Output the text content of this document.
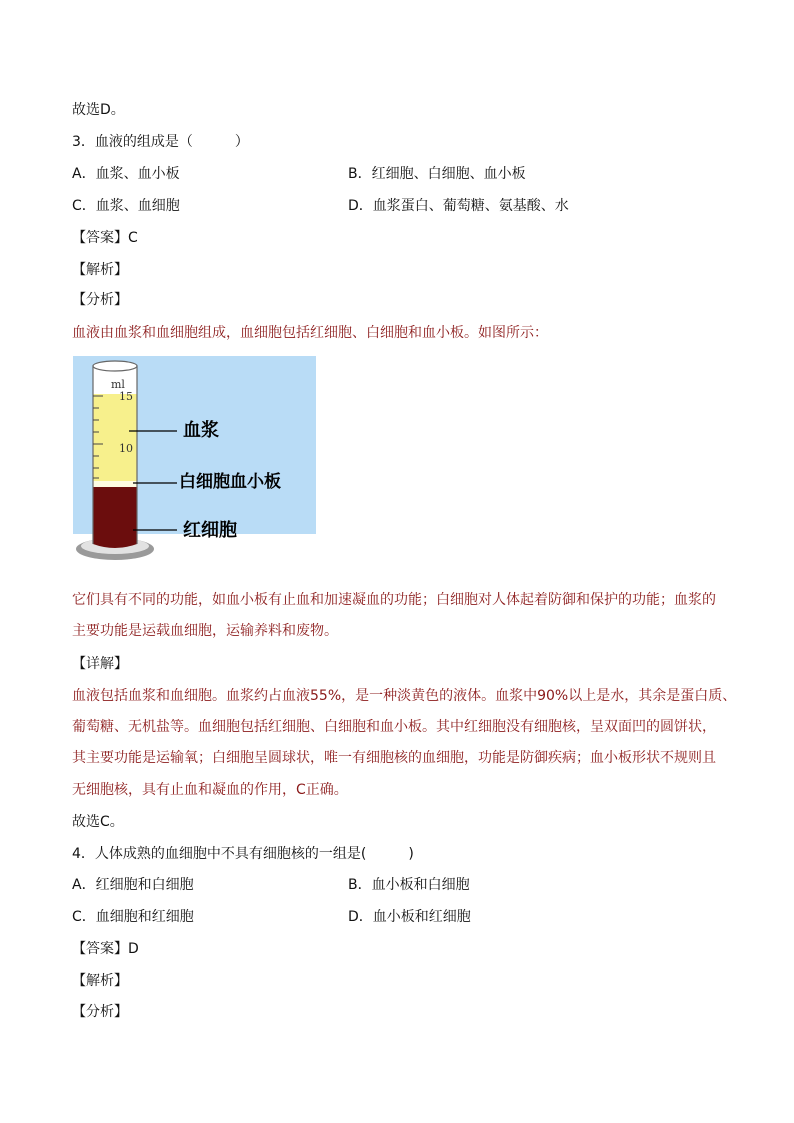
故选D。
3．血液的组成是（　　　）
A．血浆、血小板	B．红细胞、白细胞、血小板
C．血浆、血细胞	D．血浆蛋白、葡萄糖、氨基酸、水
【答案】C
【解析】
【分析】
血液由血浆和血细胞组成，血细胞包括红细胞、白细胞和血小板。如图所示：
ml
15
10
血浆
白细胞血小板
红细胞
它们具有不同的功能，如血小板有止血和加速凝血的功能；白细胞对人体起着防御和保护的功能；血浆的
主要功能是运载血细胞，运输养料和废物。
【详解】
血液包括血浆和血细胞。血浆约占血液55%，是一种淡黄色的液体。血浆中90%以上是水，其余是蛋白质、
葡萄糖、无机盐等。血细胞包括红细胞、白细胞和血小板。其中红细胞没有细胞核，呈双面凹的圆饼状，
其主要功能是运输氧；白细胞呈圆球状，唯一有细胞核的血细胞，功能是防御疾病；血小板形状不规则且
无细胞核，具有止血和凝血的作用，C正确。
故选C。
4．人体成熟的血细胞中不具有细胞核的一组是(　　　)
A．红细胞和白细胞	B．血小板和白细胞
C．血细胞和红细胞	D．血小板和红细胞
【答案】D
【解析】
【分析】
